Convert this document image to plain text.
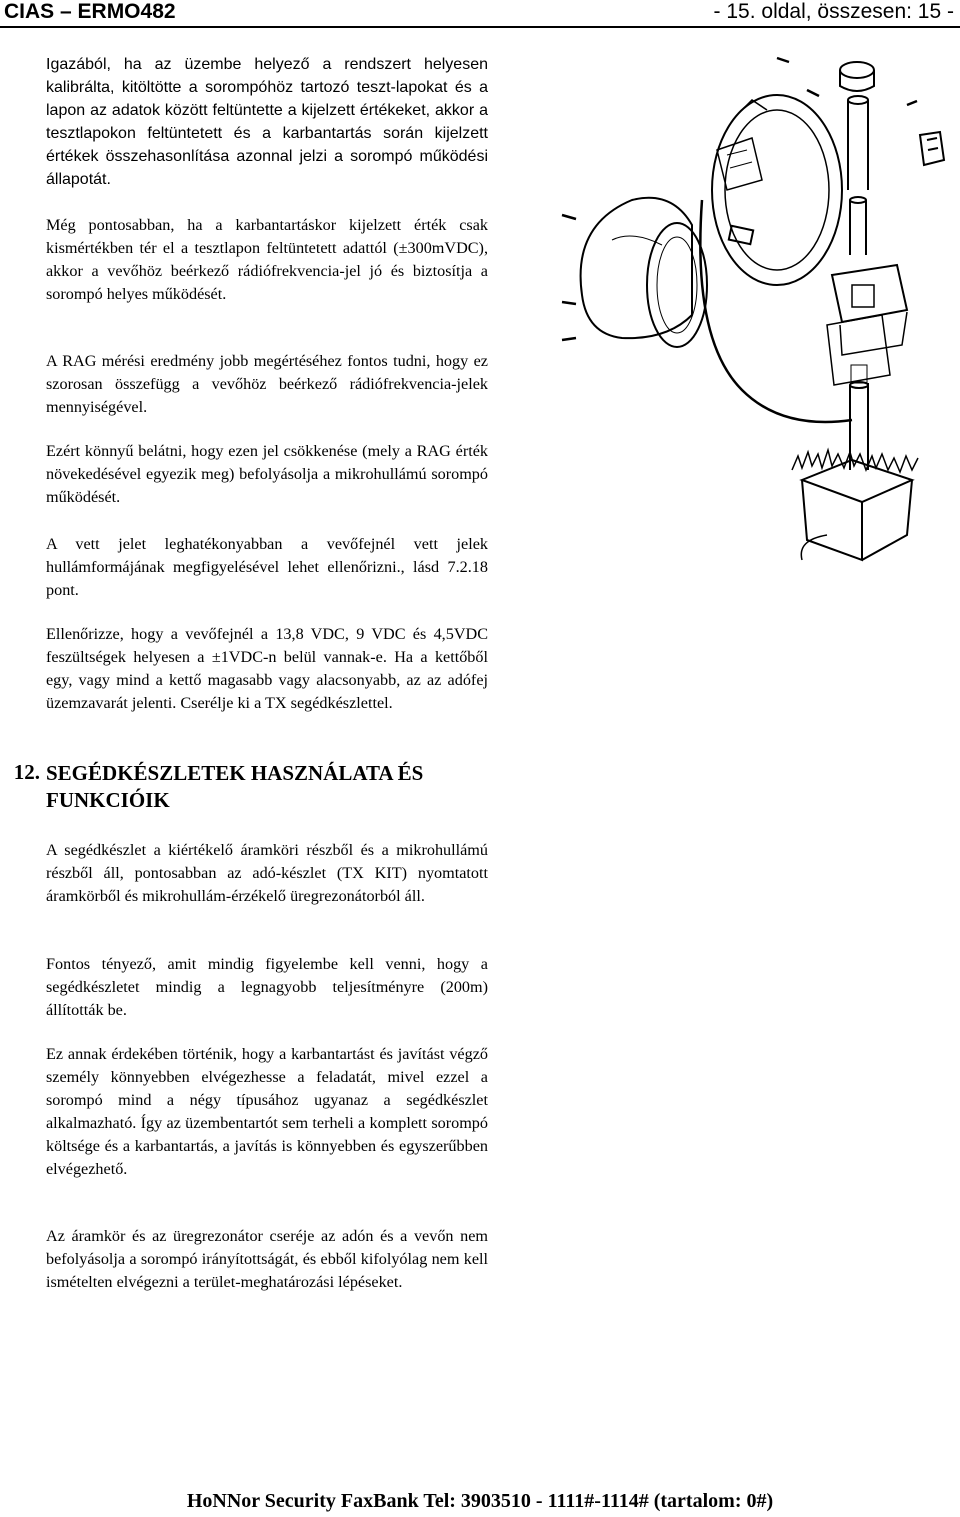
CIAS – ERMO482	- 15. oldal, összesen: 15 -

Igazából, ha az üzembe helyező a rendszert helyesen kalibrálta, kitöltötte a sorompóhöz tartozó teszt-lapokat és a lapon az adatok között feltüntette a kijelzett értékeket, akkor a tesztlapokon feltüntetett és a karbantartás során kijelzett értékek összehasonlítása azonnal jelzi a sorompó működési állapotát.

Még pontosabban, ha a karbantartáskor kijelzett érték csak kismértékben tér el a tesztlapon feltüntetett adattól (±300mVDC), akkor a vevőhöz beérkező rádiófrekvencia-jel jó és biztosítja a sorompó helyes működését.

A RAG mérési eredmény jobb megértéséhez fontos tudni, hogy ez szorosan összefügg a vevőhöz beérkező rádiófrekvencia-jelek mennyiségével.

Ezért könnyű belátni, hogy ezen jel csökkenése (mely a RAG érték növekedésével egyezik meg) befolyásolja a mikrohullámú sorompó működését.

A vett jelet leghatékonyabban a vevőfejnél vett jelek hullámformájának megfigyelésével lehet ellenőrizni., lásd 7.2.18 pont.

Ellenőrizze, hogy a vevőfejnél a 13,8 VDC, 9 VDC és 4,5VDC feszültségek helyesen a ±1VDC-n belül vannak-e. Ha a kettőből egy, vagy mind a kettő magasabb vagy alacsonyabb, az az adófej üzemzavarát jelenti. Cserélje ki a TX segédkészlettel.

12. SEGÉDKÉSZLETEK HASZNÁLATA ÉS FUNKCIÓIK

A segédkészlet a kiértékelő áramköri részből és a mikrohullámú részből áll, pontosabban az adó-készlet (TX KIT) nyomtatott áramkörből és mikrohullám-érzékelő üregrezonátorból áll.

Fontos tényező, amit mindig figyelembe kell venni, hogy a segédkészletet mindig a legnagyobb teljesítményre (200m) állították be.

Ez annak érdekében történik, hogy a karbantartást és javítást végző személy könnyebben elvégezhesse a feladatát, mivel ezzel a sorompó mind a négy típusához ugyanaz a segédkészlet alkalmazható. Így az üzembentartót sem terheli a komplett sorompó költsége és a karbantartás, a javítás is könnyebben és egyszerűbben elvégezhető.

Az áramkör és az üregrezonátor cseréje az adón és a vevőn nem befolyásolja a sorompó irányítottságát, és ebből kifolyólag nem kell ismételten elvégezni a terület-meghatározási lépéseket.

HoNNor Security FaxBank Tel: 3903510 - 1111#-1114# (tartalom: 0#)
